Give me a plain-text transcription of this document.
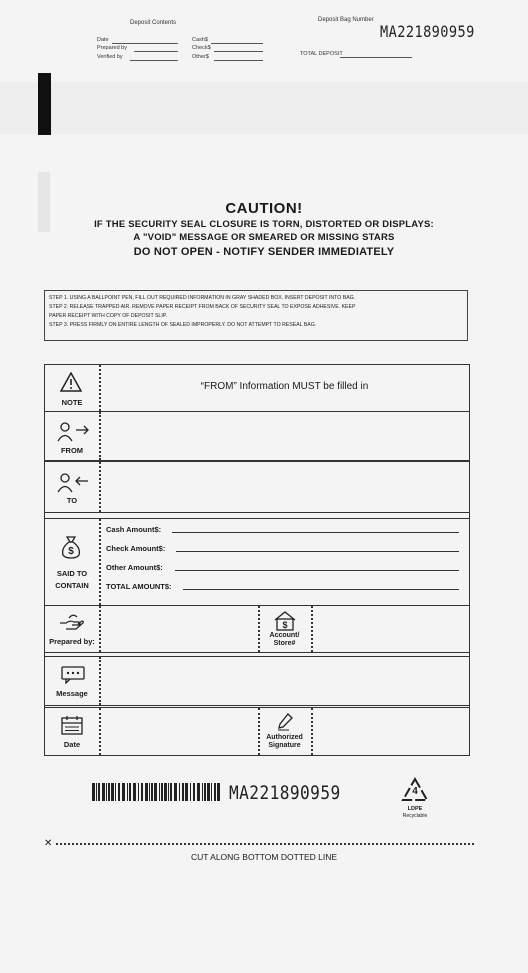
Deposit Contents
Date
Prepared by
Verified by
Cash$
Check$
Other$
Deposit Bag Number
MA221890959
TOTAL DEPOSIT
CAUTION!
IF THE SECURITY SEAL CLOSURE IS TORN, DISTORTED OR DISPLAYS:
A "VOID" MESSAGE OR SMEARED OR MISSING STARS
DO NOT OPEN - NOTIFY SENDER IMMEDIATELY
STEP 1. USING A BALLPOINT PEN, FILL OUT REQUIRED INFORMATION IN GRAY SHADED BOX. INSERT DEPOSIT INTO BAG.
STEP 2. RELEASE TRAPPED AIR. REMOVE PAPER RECEIPT FROM BACK OF SECURITY SEAL TO EXPOSE ADHESIVE. KEEP
PAPER RECEIPT WITH COPY OF DEPOSIT SLIP.
STEP 3. PRESS FIRMLY ON ENTIRE LENGTH OF SEALED IMPROPERLY. DO NOT ATTEMPT TO RESEAL BAG.
NOTE
“FROM” Information MUST be filled in
FROM
TO
$
SAID TO
CONTAIN
Cash Amount$:
Check Amount$:
Other Amount$:
TOTAL AMOUNT$:
Prepared by:
$
Account/
Store#
Message
Date
Authorized
Signature
MA221890959	4
LDPE
Recyclable
✕
CUT ALONG BOTTOM DOTTED LINE
